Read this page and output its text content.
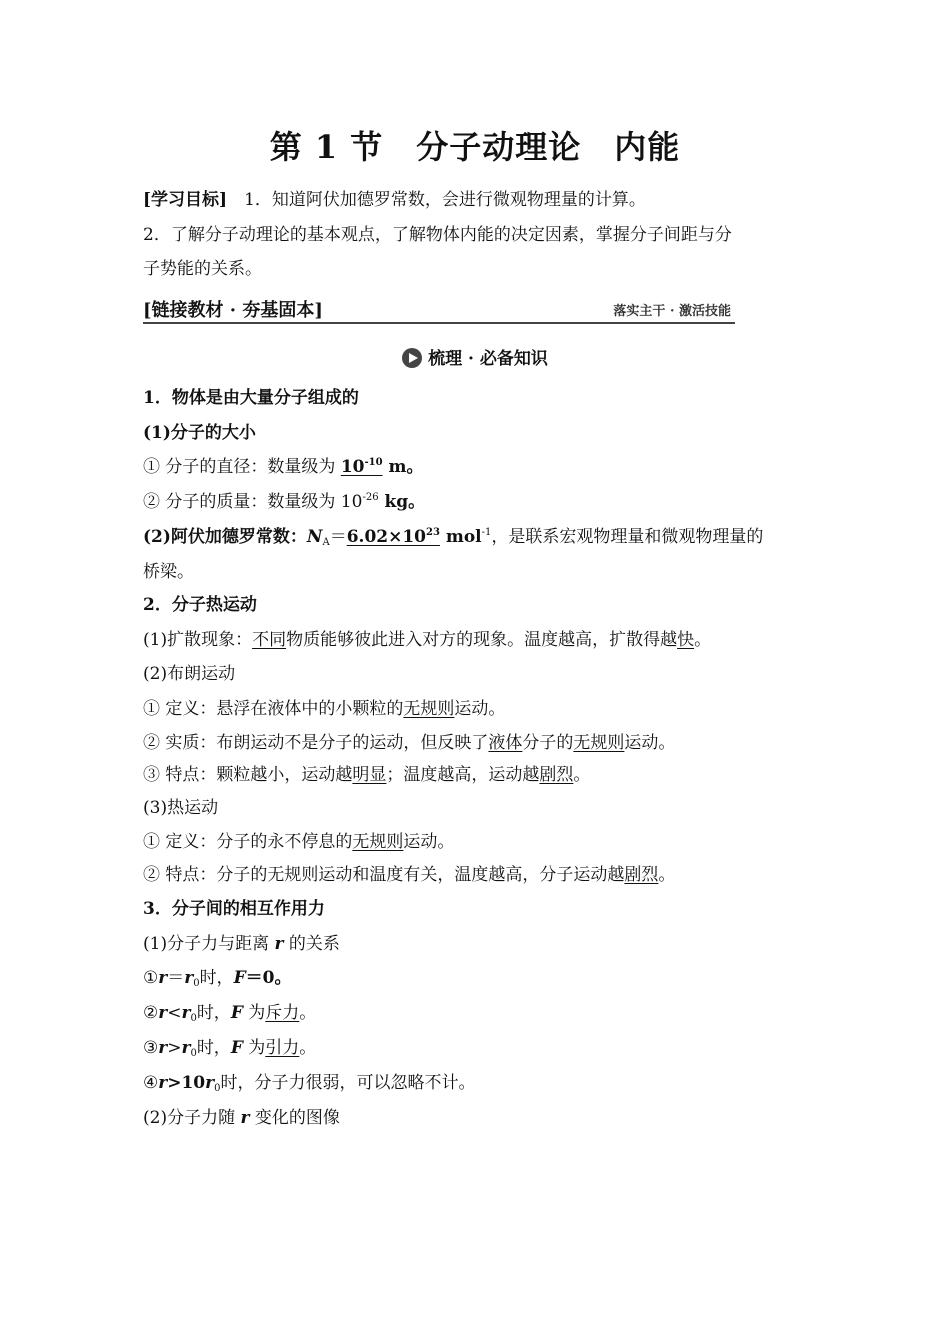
第 1 节　分子动理论　内能
[学习目标]　 1．知道阿伏加德罗常数，会进行微观物理量的计算。
2．了解分子动理论的基本观点，了解物体内能的决定因素，掌握分子间距与分
子势能的关系。
[链接教材 · 夯基固本]	落实主干 · 激活技能
梳理 · 必备知识
1．物体是由大量分子组成的
(1)分子的大小
① 分子的直径：数量级为 $10^{-10}$ m。
② 分子的质量：数量级为 $10^{-26}$ kg。
(2)阿伏加德罗常数：$N_A=6.02\times 10^{23}$ mol$^{-1}$，是联系宏观物理量和微观物理量的
桥梁。
2．分子热运动
(1)扩散现象：不同物质能够彼此进入对方的现象。温度越高，扩散得越快。
(2)布朗运动
① 定义：悬浮在液体中的小颗粒的无规则运动。
② 实质：布朗运动不是分子的运动，但反映了液体分子的无规则运动。
③ 特点：颗粒越小，运动越明显；温度越高，运动越剧烈。
(3)热运动
① 定义：分子的永不停息的无规则运动。
② 特点：分子的无规则运动和温度有关，温度越高，分子运动越剧烈。
3．分子间的相互作用力
(1)分子力与距离 r 的关系
$①r=r_0$时，F＝0。
$②r<r_0$时，F 为斥力。
$③r>r_0$时，F 为引力。
$④r>10r_0$时，分子力很弱，可以忽略不计。
(2)分子力随 r 变化的图像
